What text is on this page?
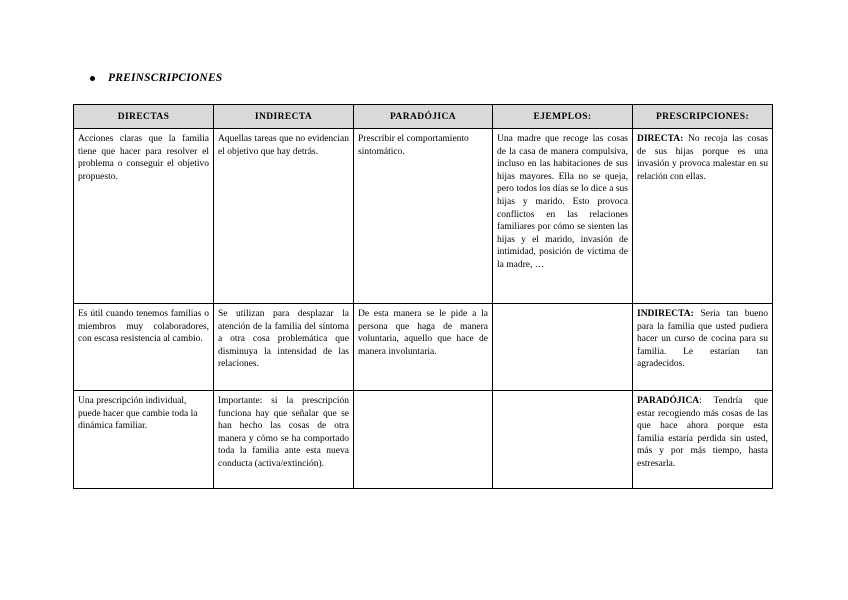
PREINSCRIPCIONES
DIRECTAS	INDIRECTA	PARADÓJICA	EJEMPLOS:	PRESCRIPCIONES:

Acciones claras que la familia tiene que hacer para resolver el problema o conseguir el objetivo propuesto.	Aquellas tareas que no evidencian el objetivo que hay detrás.	Prescribir el comportamiento sintomático.	Una madre que recoge las cosas de la casa de manera compulsiva, incluso en las habitaciones de sus hijas mayores. Ella no se queja, pero todos los días se lo dice a sus hijas y marido. Esto provoca conflictos en las relaciones familiares por cómo se sienten las hijas y el marido, invasión de intimidad, posición de víctima de la madre, …	DIRECTA: No recoja las cosas de sus hijas porque es una invasión y provoca malestar en su relación con ellas.

Es útil cuando tenemos familias o miembros muy colaboradores, con escasa resistencia al cambio.	Se utilizan para desplazar la atención de la familia del síntoma a otra cosa problemática que disminuya la intensidad de las relaciones.	De esta manera se le pide a la persona que haga de manera voluntaria, aquello que hace de manera involuntaria.		INDIRECTA: Sería tan bueno para la familia que usted pudiera hacer un curso de cocina para su familia. Le estarían tan agradecidos.

Una prescripción individual, puede hacer que cambie toda la dinámica familiar.	Importante: si la prescripción funciona hay que señalar que se han hecho las cosas de otra manera y cómo se ha comportado toda la familia ante esta nueva conducta (activa/extinción).			PARADÓJICA: Tendría que estar recogiendo más cosas de las que hace ahora porque esta familia estaría perdida sin usted, más y por más tiempo, hasta estresarla.
